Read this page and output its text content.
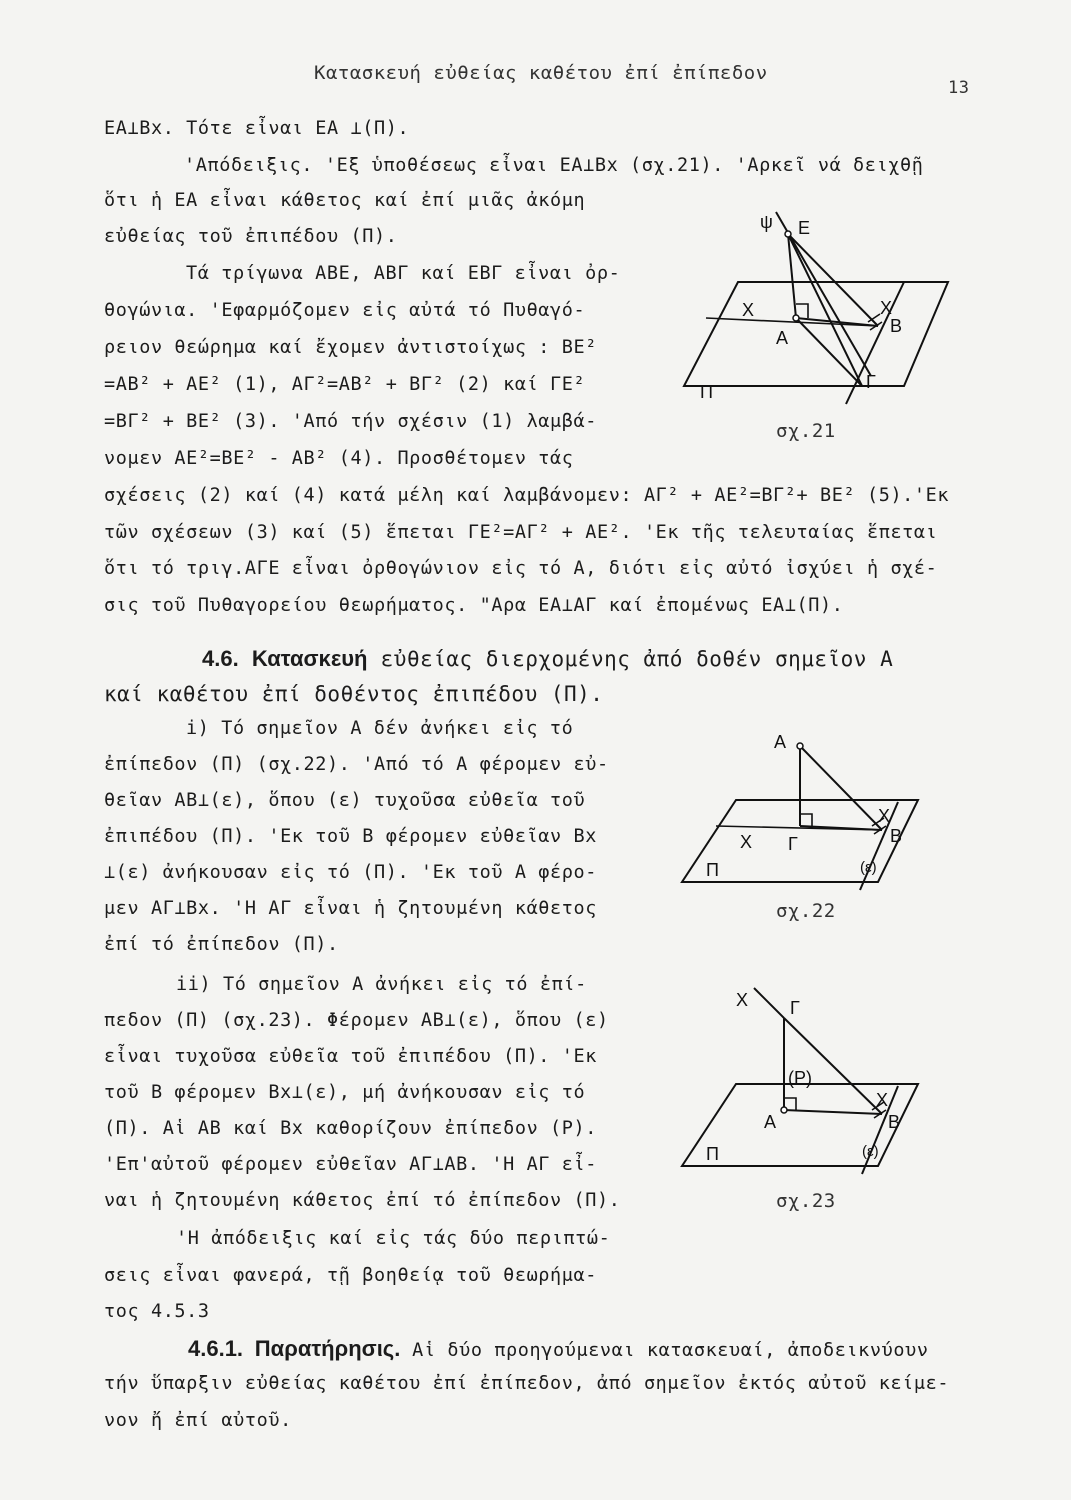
Κατασκευή εὐθείας καθέτου ἐπί ἐπίπεδον
13
ΕΑ⊥Βx. Τότε εἶναι ΕΑ ⊥(Π).
'Απόδειξις. 'Εξ ὑποθέσεως εἶναι ΕΑ⊥Βx (σχ.21). 'Αρκεῖ νά δειχθῇ
ὅτι ἡ ΕΑ εἶναι κάθετος καί ἐπί μιᾶς ἀκόμη
εὐθείας τοῦ ἐπιπέδου (Π).
Τά τρίγωνα ΑΒΕ, ΑΒΓ καί ΕΒΓ εἶναι ὀρ-
θογώνια. 'Εφαρμόζομεν εἰς αὐτά τό Πυθαγό-
ρειον θεώρημα καί ἔχομεν ἀντιστοίχως : ΒΕ²
=ΑΒ² + ΑΕ² (1), ΑΓ²=ΑΒ² + ΒΓ² (2) καί ΓΕ²
=ΒΓ² + ΒΕ² (3). 'Από τήν σχέσιν (1) λαμβά-
νομεν ΑΕ²=ΒΕ² - ΑΒ² (4). Προσθέτομεν τάς
σχέσεις (2) καί (4) κατά μέλη καί λαμβάνομεν: ΑΓ² + ΑΕ²=ΒΓ²+ ΒΕ² (5).'Εκ
τῶν σχέσεων (3) καί (5) ἕπεται ΓΕ²=ΑΓ² + ΑΕ². 'Εκ τῆς τελευταίας ἕπεται
ὅτι τό τριγ.ΑΓΕ εἶναι ὀρθογώνιον εἰς τό Α, διότι εἰς αὐτό ἰσχύει ἡ σχέ-
σις τοῦ Πυθαγορείου θεωρήματος. "Αρα ΕΑ⊥ΑΓ καί ἐπομένως ΕΑ⊥(Π).
ψ Ε
Χ	Χ
Α
Β
Γ
Π
σχ.21
4.6. Κατασκευή εὐθείας διερχομένης ἀπό δοθέν σημεῖον Α
καί καθέτου ἐπί δοθέντος ἐπιπέδου (Π).
i) Τό σημεῖον Α δέν ἀνήκει εἰς τό
ἐπίπεδον (Π) (σχ.22). 'Από τό Α φέρομεν εὐ-
θεῖαν ΑΒ⊥(ε), ὅπου (ε) τυχοῦσα εὐθεῖα τοῦ
ἐπιπέδου (Π). 'Εκ τοῦ Β φέρομεν εὐθεῖαν Βx
⊥(ε) ἀνήκουσαν εἰς τό (Π). 'Εκ τοῦ Α φέρο-
μεν ΑΓ⊥Βx. 'Η ΑΓ εἶναι ἡ ζητουμένη κάθετος
ἐπί τό ἐπίπεδον (Π).
Α
Χ
Χ
Γ	Β
(ε)
Π
σχ.22
ii) Τό σημεῖον Α ἀνήκει εἰς τό ἐπί-
πεδον (Π) (σχ.23). Φέρομεν ΑΒ⊥(ε), ὅπου (ε)
εἶναι τυχοῦσα εὐθεῖα τοῦ ἐπιπέδου (Π). 'Εκ
τοῦ Β φέρομεν Βx⊥(ε), μή ἀνήκουσαν εἰς τό
(Π). Αἱ ΑΒ καί Βx καθορίζουν ἐπίπεδον (Ρ).
'Επ'αὐτοῦ φέρομεν εὐθεῖαν ΑΓ⊥ΑΒ. 'Η ΑΓ εἶ-
ναι ἡ ζητουμένη κάθετος ἐπί τό ἐπίπεδον (Π).
Χ Γ
(Ρ)
Α
Χ
Β
(ε)
Π
σχ.23
'Η ἀπόδειξις καί εἰς τάς δύο περιπτώ-
σεις εἶναι φανερά, τῇ βοηθείᾳ τοῦ θεωρήμα-
τος 4.5.3
4.6.1. Παρατήρησις. Αἱ δύο προηγούμεναι κατασκευαί, ἀποδεικνύουν
τήν ὕπαρξιν εὐθείας καθέτου ἐπί ἐπίπεδον, ἀπό σημεῖον ἐκτός αὐτοῦ κείμε-
νον ἤ ἐπί αὐτοῦ.
